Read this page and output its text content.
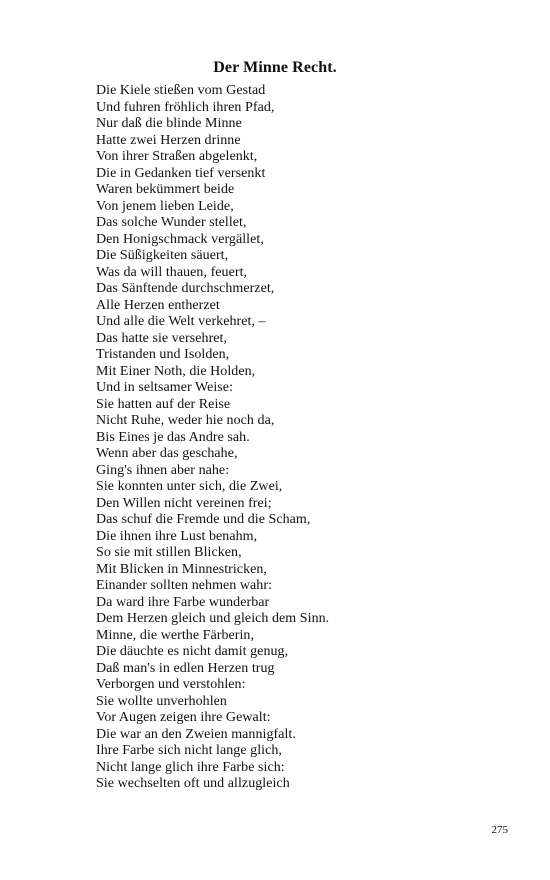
Der Minne Recht.
Die Kiele stießen vom Gestad
Und fuhren fröhlich ihren Pfad,
Nur daß die blinde Minne
Hatte zwei Herzen drinne
Von ihrer Straßen abgelenkt,
Die in Gedanken tief versenkt
Waren bekümmert beide
Von jenem lieben Leide,
Das solche Wunder stellet,
Den Honigschmack vergället,
Die Süßigkeiten säuert,
Was da will thauen, feuert,
Das Sänftende durchschmerzet,
Alle Herzen entherzet
Und alle die Welt verkehret, –
Das hatte sie versehret,
Tristanden und Isolden,
Mit Einer Noth, die Holden,
Und in seltsamer Weise:
Sie hatten auf der Reise
Nicht Ruhe, weder hie noch da,
Bis Eines je das Andre sah.
Wenn aber das geschahe,
Ging's ihnen aber nahe:
Sie konnten unter sich, die Zwei,
Den Willen nicht vereinen frei;
Das schuf die Fremde und die Scham,
Die ihnen ihre Lust benahm,
So sie mit stillen Blicken,
Mit Blicken in Minnestricken,
Einander sollten nehmen wahr:
Da ward ihre Farbe wunderbar
Dem Herzen gleich und gleich dem Sinn.
Minne, die werthe Färberin,
Die däuchte es nicht damit genug,
Daß man's in edlen Herzen trug
Verborgen und verstohlen:
Sie wollte unverhohlen
Vor Augen zeigen ihre Gewalt:
Die war an den Zweien mannigfalt.
Ihre Farbe sich nicht lange glich,
Nicht lange glich ihre Farbe sich:
Sie wechselten oft und allzugleich
275
